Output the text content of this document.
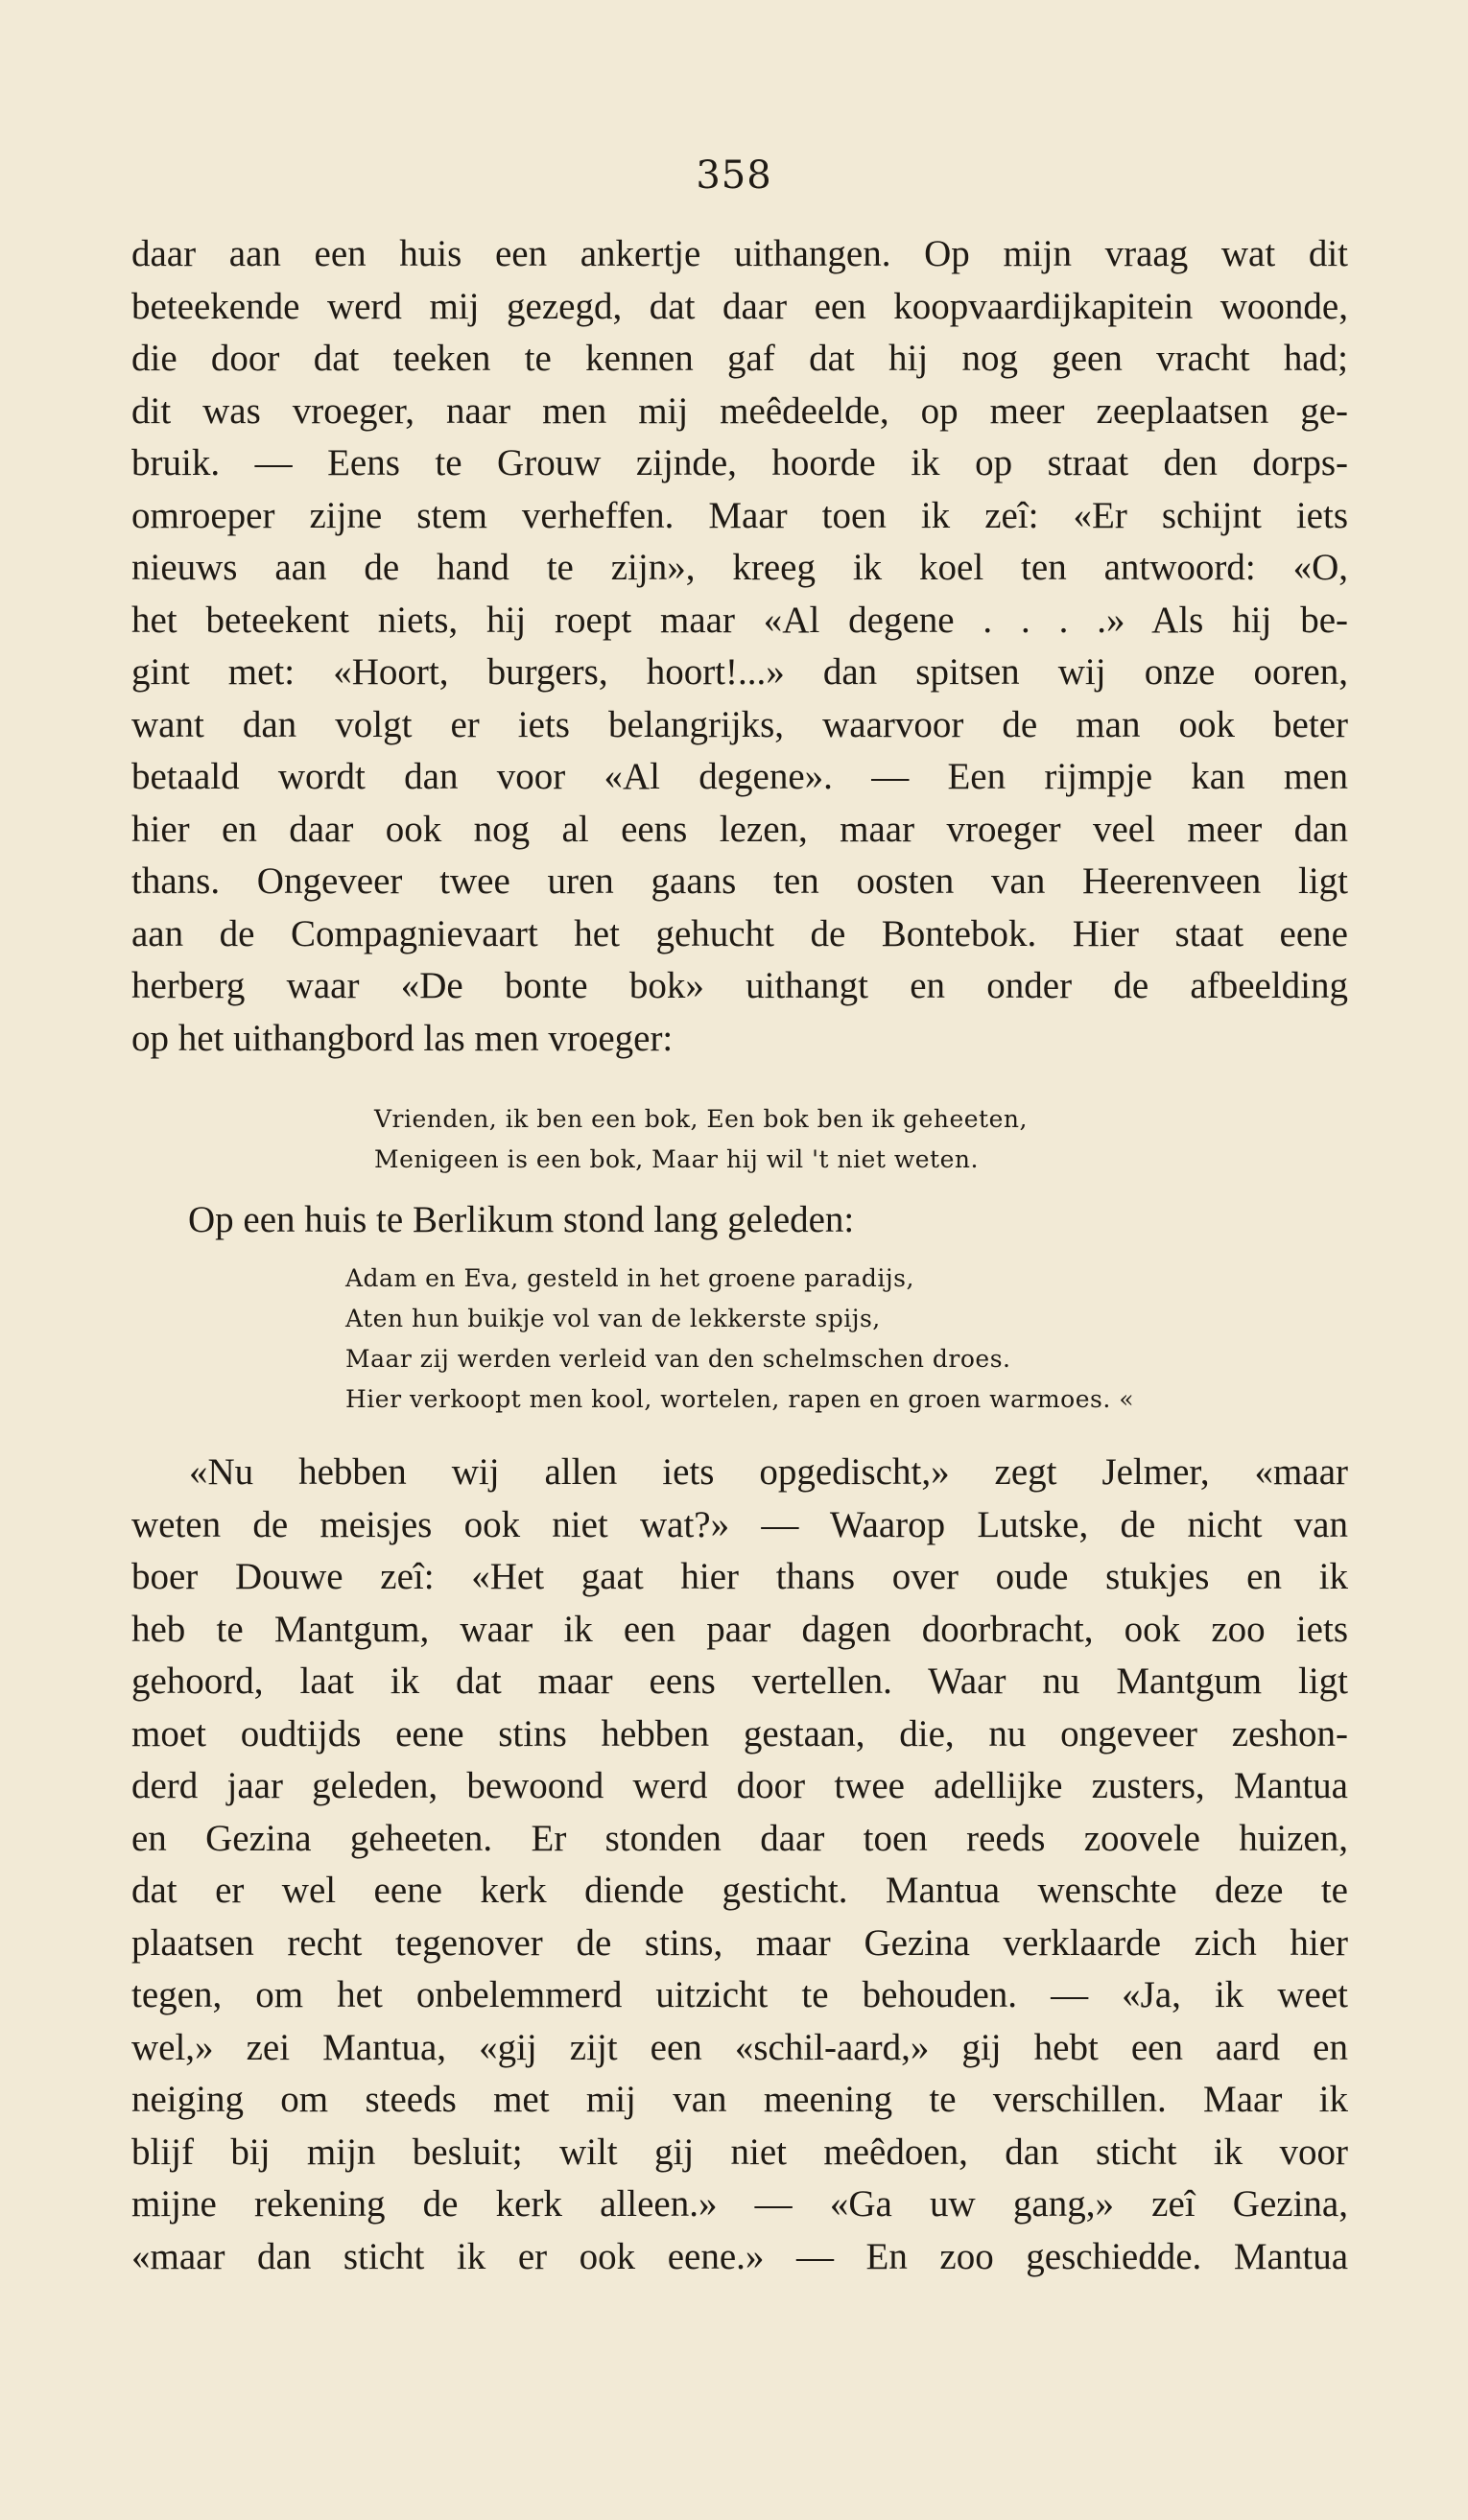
358
daar aan een huis een ankertje uithangen. Op mijn vraag wat dit
beteekende werd mij gezegd, dat daar een koopvaardijkapitein woonde,
die door dat teeken te kennen gaf dat hij nog geen vracht had;
dit was vroeger, naar men mij meêdeelde, op meer zeeplaatsen ge-
bruik. — Eens te Grouw zijnde, hoorde ik op straat den dorps-
omroeper zijne stem verheffen. Maar toen ik zeî: «Er schijnt iets
nieuws aan de hand te zijn», kreeg ik koel ten antwoord: «O,
het beteekent niets, hij roept maar «Al degene . . . .» Als hij be-
gint met: «Hoort, burgers, hoort!...» dan spitsen wij onze ooren,
want dan volgt er iets belangrijks, waarvoor de man ook beter
betaald wordt dan voor «Al degene». — Een rijmpje kan men
hier en daar ook nog al eens lezen, maar vroeger veel meer dan
thans. Ongeveer twee uren gaans ten oosten van Heerenveen ligt
aan de Compagnievaart het gehucht de Bontebok. Hier staat eene
herberg waar «De bonte bok» uithangt en onder de afbeelding
op het uithangbord las men vroeger:
Vrienden, ik ben een bok, Een bok ben ik geheeten,
Menigeen is een bok, Maar hij wil 't niet weten.
Op een huis te Berlikum stond lang geleden:
Adam en Eva, gesteld in het groene paradijs,
Aten hun buikje vol van de lekkerste spijs,
Maar zij werden verleid van den schelmschen droes.
Hier verkoopt men kool, wortelen, rapen en groen warmoes. «
«Nu hebben wij allen iets opgedischt,» zegt Jelmer, «maar
weten de meisjes ook niet wat?» — Waarop Lutske, de nicht van
boer Douwe zeî: «Het gaat hier thans over oude stukjes en ik
heb te Mantgum, waar ik een paar dagen doorbracht, ook zoo iets
gehoord, laat ik dat maar eens vertellen. Waar nu Mantgum ligt
moet oudtijds eene stins hebben gestaan, die, nu ongeveer zeshon-
derd jaar geleden, bewoond werd door twee adellijke zusters, Mantua
en Gezina geheeten. Er stonden daar toen reeds zoovele huizen,
dat er wel eene kerk diende gesticht. Mantua wenschte deze te
plaatsen recht tegenover de stins, maar Gezina verklaarde zich hier
tegen, om het onbelemmerd uitzicht te behouden. — «Ja, ik weet
wel,» zei Mantua, «gij zijt een «schil-aard,» gij hebt een aard en
neiging om steeds met mij van meening te verschillen. Maar ik
blijf bij mijn besluit; wilt gij niet meêdoen, dan sticht ik voor
mijne rekening de kerk alleen.» — «Ga uw gang,» zeî Gezina,
«maar dan sticht ik er ook eene.» — En zoo geschiedde. Mantua
